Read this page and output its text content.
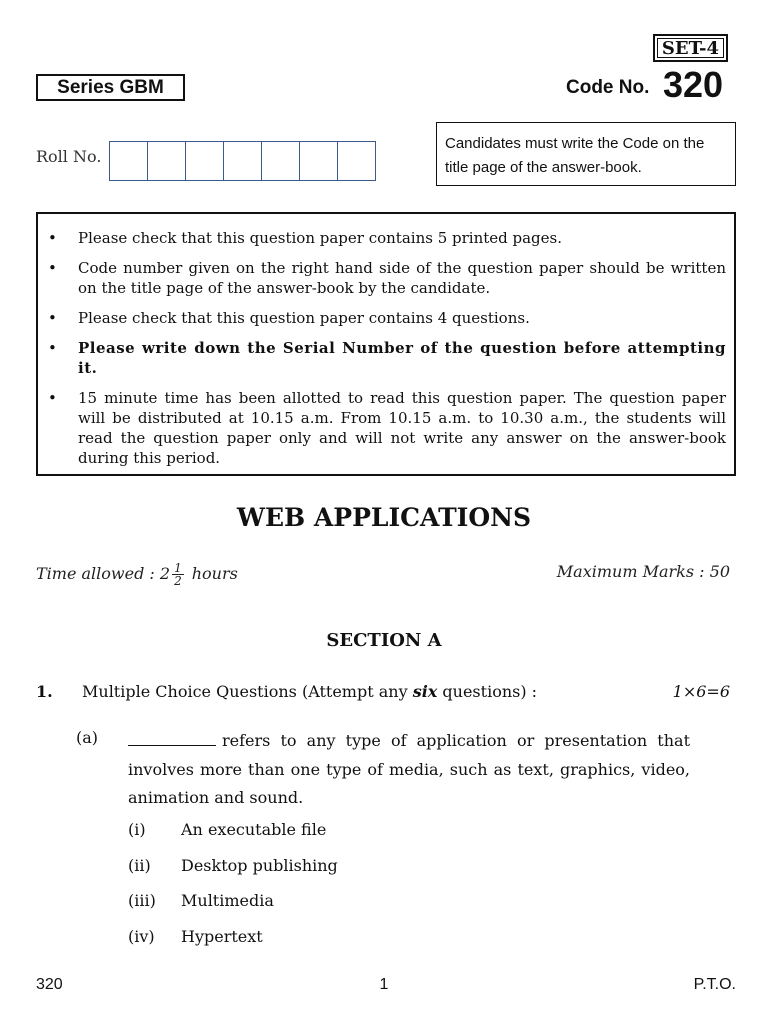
SET-4
Series GBM	Code No. 320
Roll No.
Candidates must write the Code on the title page of the answer-book.
•	Please check that this question paper contains 5 printed pages.
•	Code number given on the right hand side of the question paper should be written on the title page of the answer-book by the candidate.
•	Please check that this question paper contains 4 questions.
•	Please write down the Serial Number of the question before attempting it.
•	15 minute time has been allotted to read this question paper. The question paper will be distributed at 10.15 a.m. From 10.15 a.m. to 10.30 a.m., the students will read the question paper only and will not write any answer on the answer-book during this period.
WEB APPLICATIONS
Time allowed : $2 \frac{1}{2}$ hours	Maximum Marks : 50
SECTION A
1. Multiple Choice Questions (Attempt any six questions) :	1×6=6
(a)	refers to any type of application or presentation that involves more than one type of media, such as text, graphics, video, animation and sound.
(i) An executable file
(ii) Desktop publishing
(iii) Multimedia
(iv) Hypertext
320	1	P.T.O.
